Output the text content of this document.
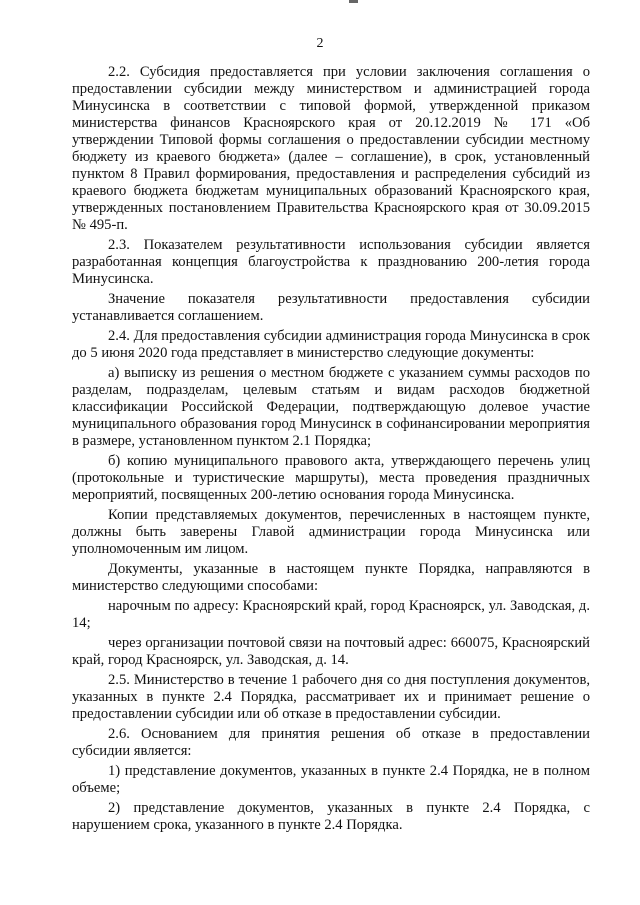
2

2.2. Субсидия предоставляется при условии заключения соглашения о предоставлении субсидии между министерством и администрацией города Минусинска в соответствии с типовой формой, утвержденной приказом министерства финансов Красноярского края от 20.12.2019 № 171 «Об утверждении Типовой формы соглашения о предоставлении субсидии местному бюджету из краевого бюджета» (далее – соглашение), в срок, установленный пунктом 8 Правил формирования, предоставления и распределения субсидий из краевого бюджета бюджетам муниципальных образований Красноярского края, утвержденных постановлением Правительства Красноярского края от 30.09.2015 № 495-п.

2.3. Показателем результативности использования субсидии является разработанная концепция благоустройства к празднованию 200-летия города Минусинска.

Значение показателя результативности предоставления субсидии устанавливается соглашением.

2.4. Для предоставления субсидии администрация города Минусинска в срок до 5 июня 2020 года представляет в министерство следующие документы:

а) выписку из решения о местном бюджете с указанием суммы расходов по разделам, подразделам, целевым статьям и видам расходов бюджетной классификации Российской Федерации, подтверждающую долевое участие муниципального образования город Минусинск в софинансировании мероприятия в размере, установленном пунктом 2.1 Порядка;

б) копию муниципального правового акта, утверждающего перечень улиц (протокольные и туристические маршруты), места проведения праздничных мероприятий, посвященных 200-летию основания города Минусинска.

Копии представляемых документов, перечисленных в настоящем пункте, должны быть заверены Главой администрации города Минусинска или уполномоченным им лицом.

Документы, указанные в настоящем пункте Порядка, направляются в министерство следующими способами:

нарочным по адресу: Красноярский край, город Красноярск, ул. Заводская, д. 14;

через организации почтовой связи на почтовый адрес: 660075, Красноярский край, город Красноярск, ул. Заводская, д. 14.

2.5. Министерство в течение 1 рабочего дня со дня поступления документов, указанных в пункте 2.4 Порядка, рассматривает их и принимает решение о предоставлении субсидии или об отказе в предоставлении субсидии.

2.6. Основанием для принятия решения об отказе в предоставлении субсидии является:

1) представление документов, указанных в пункте 2.4 Порядка, не в полном объеме;

2) представление документов, указанных в пункте 2.4 Порядка, с нарушением срока, указанного в пункте 2.4 Порядка.
